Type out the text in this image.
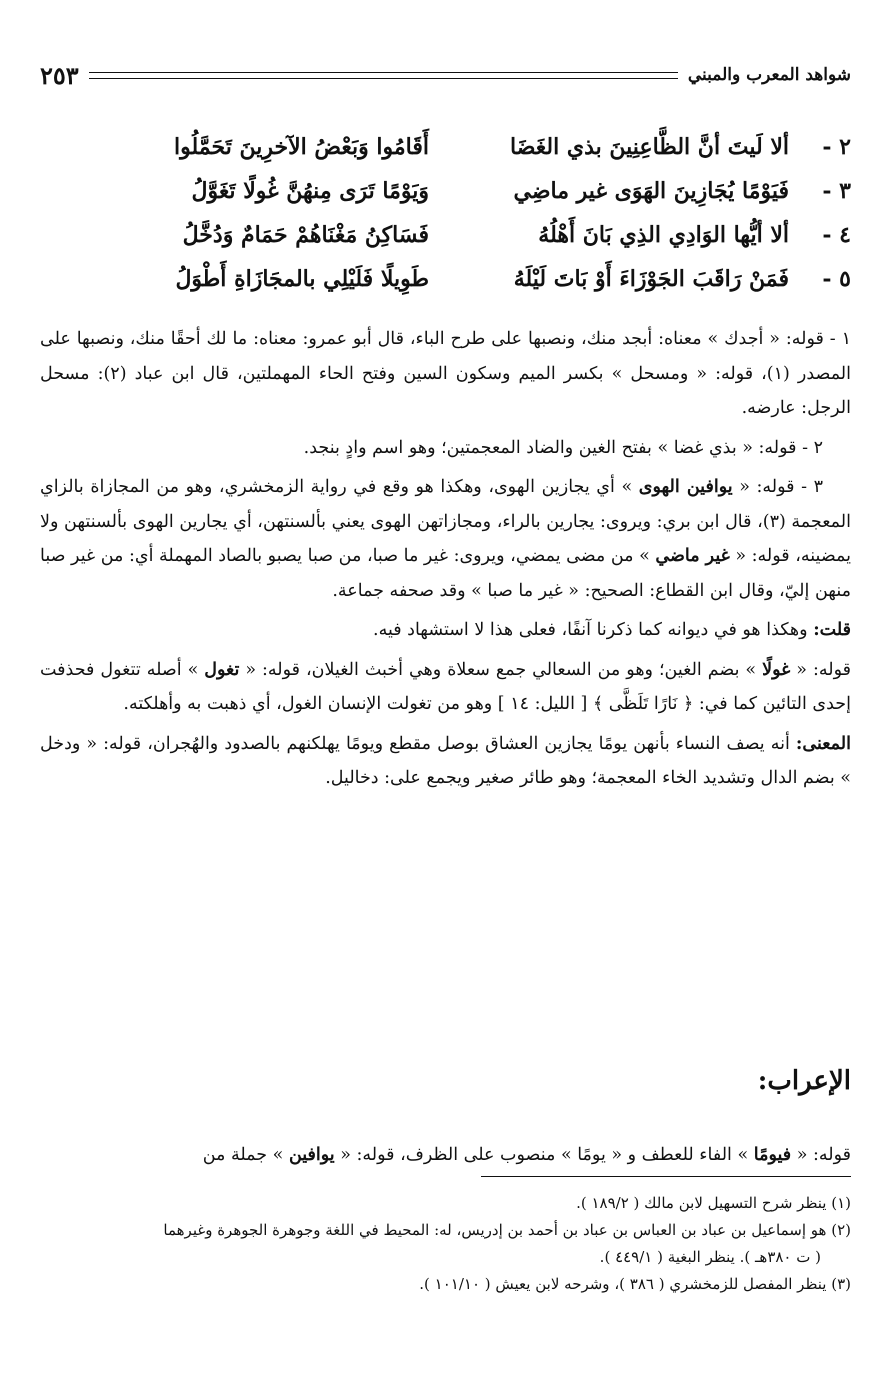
شواهد المعرب والمبني
٢٥٣
٢ -
ألا لَيتَ أنَّ الظَّاعِنِينَ بذي الغَضَا
أَقَامُوا وَبَعْضُ الآخرِينَ تَحَمَّلُوا
٣ -
فَيَوْمًا يُجَازِينَ الهَوَى غير ماضِي
وَيَوْمًا تَرَى مِنهُنَّ غُولًا تَغَوَّلُ
٤ -
ألا أيُّها الوَادِي الذِي بَانَ أَهْلُهُ
فَسَاكِنُ مَغْنَاهُمْ حَمَامٌ وَدُخَّلُ
٥ -
فَمَنْ رَاقَبَ الجَوْزَاءَ أَوْ بَاتَ لَيْلَهُ
طَوِيلًا فَلَيْلِي بالمجَازَاةِ أَطْوَلُ

١ - قوله: « أجدك » معناه: أبجد منك، ونصبها على طرح الباء، قال أبو عمرو: معناه: ما لك أحقًا منك، ونصبها على المصدر (١)، قوله: « ومسحل » بكسر الميم وسكون السين وفتح الحاء المهملتين، قال ابن عباد (٢): مسحل الرجل: عارضه.

٢ - قوله: « بذي غضا » بفتح الغين والضاد المعجمتين؛ وهو اسم وادٍ بنجد.

٣ - قوله: « يوافين الهوى » أي يجازين الهوى، وهكذا هو وقع في رواية الزمخشري، وهو من المجازاة بالزاي المعجمة (٣)، قال ابن بري: ويروى: يجارين بالراء، ومجازاتهن الهوى يعني بألسنتهن، أي يجارين الهوى بألسنتهن ولا يمضينه، قوله: « غير ماضي » من مضى يمضي، ويروى: غير ما صبا، من صبا يصبو بالصاد المهملة أي: من غير صبا منهن إليّ، وقال ابن القطاع: الصحيح: « غير ما صبا » وقد صحفه جماعة.

قلت: وهكذا هو في ديوانه كما ذكرنا آنفًا، فعلى هذا لا استشهاد فيه.

قوله: « غولًا » بضم الغين؛ وهو من السعالي جمع سعلاة وهي أخبث الغيلان، قوله: « تغول » أصله تتغول فحذفت إحدى التائين كما في: ﴿ نَارًا تَلَظَّى ﴾ [ الليل: ١٤ ] وهو من تغولت الإنسان الغول، أي ذهبت به وأهلكته.

المعنى: أنه يصف النساء بأنهن يومًا يجازين العشاق بوصل مقطع ويومًا يهلكنهم بالصدود والهُجران، قوله: « ودخل » بضم الدال وتشديد الخاء المعجمة؛ وهو طائر صغير ويجمع على: دخاليل.

الإعراب:

قوله: « فيومًا » الفاء للعطف و « يومًا » منصوب على الظرف، قوله: « يوافين » جملة من

(١) ينظر شرح التسهيل لابن مالك ( ١٨٩/٢ ).

(٢) هو إسماعيل بن عباد بن العباس بن عباد بن أحمد بن إدريس، له: المحيط في اللغة وجوهرة الجوهرة وغيرهما

( ت ٣٨٠هـ ). ينظر البغية ( ٤٤٩/١ ).

(٣) ينظر المفصل للزمخشري ( ٣٨٦ )، وشرحه لابن يعيش ( ١٠١/١٠ ).
